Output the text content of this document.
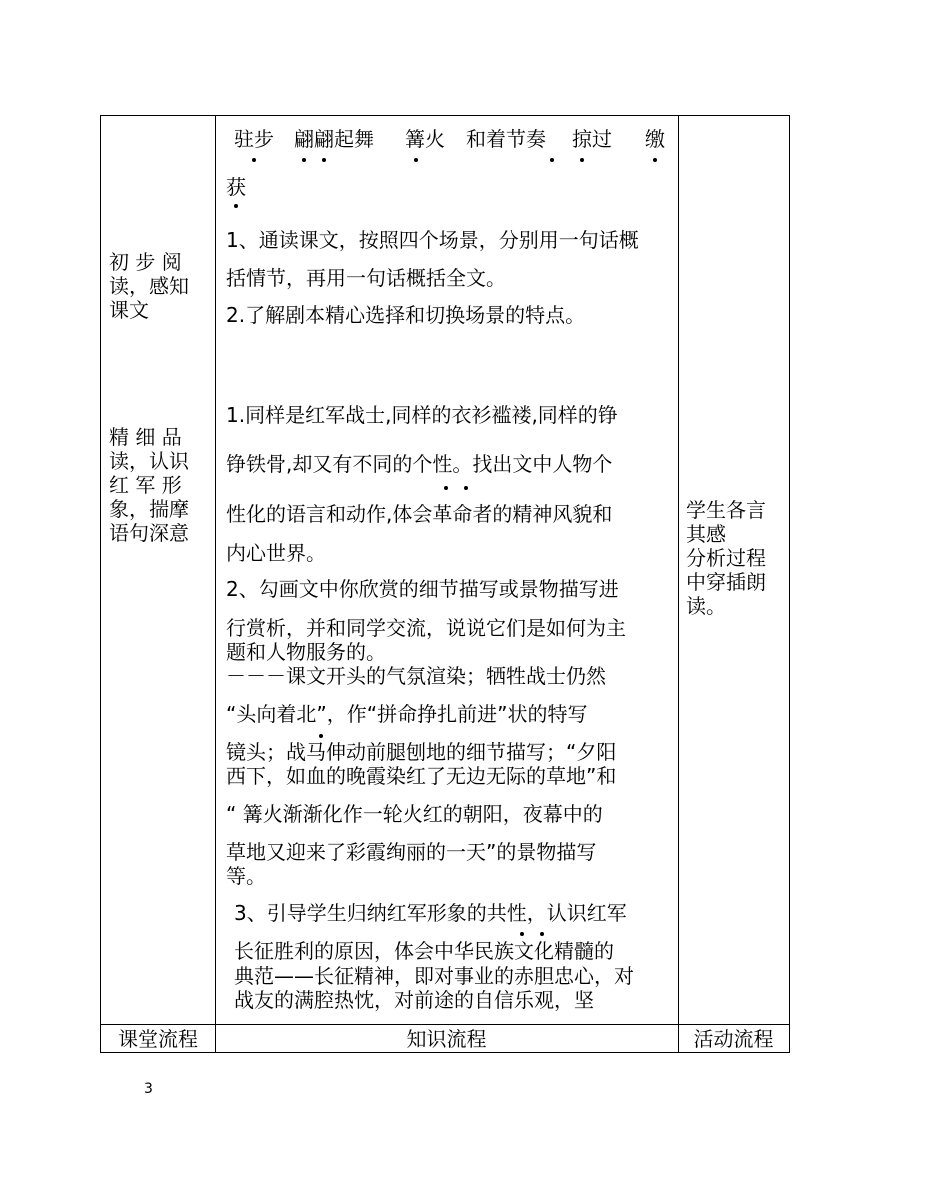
初 步 阅
读，感知
课文
精 细 品
读，认识
红 军 形
象，揣摩
语句深意
驻步 翩翩起舞 篝火 和着节奏 掠过 缴
获
1、通读课文，按照四个场景，分别用一句话概
括情节，再用一句话概括全文。
2.了解剧本精心选择和切换场景的特点。
1.同样是红军战士,同样的衣衫褴褛,同样的铮
铮铁骨,却又有不同的个性。找出文中人物个
性化的语言和动作,体会革命者的精神风貌和
内心世界。
2、勾画文中你欣赏的细节描写或景物描写进
行赏析，并和同学交流，说说它们是如何为主
题和人物服务的。
－－－课文开头的气氛渲染；牺牲战士仍然
“头向着北”，作“拼命挣扎前进”状的特写
镜头；战马伸动前腿刨地的细节描写；“夕阳
西下，如血的晚霞染红了无边无际的草地”和
“ 篝火渐渐化作一轮火红的朝阳，夜幕中的
草地又迎来了彩霞绚丽的一天”的景物描写
等。
3、引导学生归纳红军形象的共性，认识红军
长征胜利的原因，体会中华民族文化精髓的
典范——长征精神，即对事业的赤胆忠心，对
战友的满腔热忱，对前途的自信乐观，坚
学生各言
其感
分析过程
中穿插朗
读。
课堂流程	知识流程	活动流程
3
